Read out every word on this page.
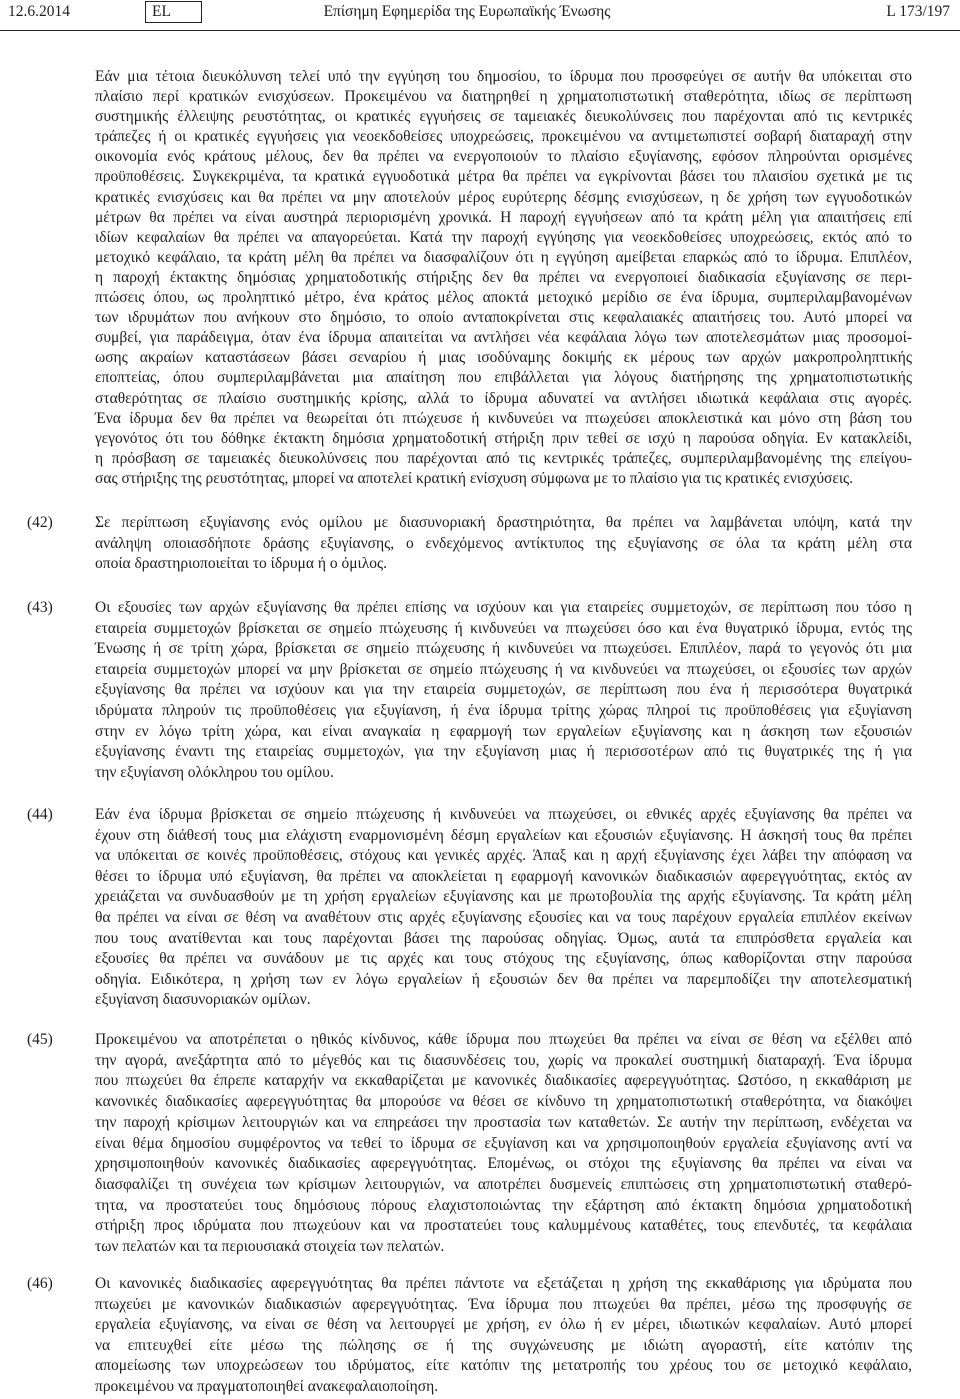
12.6.2014	EL	Επίσημη Εφημερίδα της Ευρωπαϊκής Ένωσης	L 173/197
Εάν μια τέτοια διευκόλυνση τελεί υπό την εγγύηση του δημοσίου, το ίδρυμα που προσφεύγει σε αυτήν θα υπόκειται στο
πλαίσιο περί κρατικών ενισχύσεων. Προκειμένου να διατηρηθεί η χρηματοπιστωτική σταθερότητα, ιδίως σε περίπτωση
συστημικής έλλειψης ρευστότητας, οι κρατικές εγγυήσεις σε ταμειακές διευκολύνσεις που παρέχονται από τις κεντρικές
τράπεζες ή οι κρατικές εγγυήσεις για νεοεκδοθείσες υποχρεώσεις, προκειμένου να αντιμετωπιστεί σοβαρή διαταραχή στην
οικονομία ενός κράτους μέλους, δεν θα πρέπει να ενεργοποιούν το πλαίσιο εξυγίανσης, εφόσον πληρούνται ορισμένες
προϋποθέσεις. Συγκεκριμένα, τα κρατικά εγγυοδοτικά μέτρα θα πρέπει να εγκρίνονται βάσει του πλαισίου σχετικά με τις
κρατικές ενισχύσεις και θα πρέπει να μην αποτελούν μέρος ευρύτερης δέσμης ενισχύσεων, η δε χρήση των εγγυοδοτικών
μέτρων θα πρέπει να είναι αυστηρά περιορισμένη χρονικά. Η παροχή εγγυήσεων από τα κράτη μέλη για απαιτήσεις επί
ιδίων κεφαλαίων θα πρέπει να απαγορεύεται. Κατά την παροχή εγγύησης για νεοεκδοθείσες υποχρεώσεις, εκτός από το
μετοχικό κεφάλαιο, τα κράτη μέλη θα πρέπει να διασφαλίζουν ότι η εγγύηση αμείβεται επαρκώς από το ίδρυμα. Επιπλέον,
η παροχή έκτακτης δημόσιας χρηματοδοτικής στήριξης δεν θα πρέπει να ενεργοποιεί διαδικασία εξυγίανσης σε περι-
πτώσεις όπου, ως προληπτικό μέτρο, ένα κράτος μέλος αποκτά μετοχικό μερίδιο σε ένα ίδρυμα, συμπεριλαμβανομένων
των ιδρυμάτων που ανήκουν στο δημόσιο, το οποίο ανταποκρίνεται στις κεφαλαιακές απαιτήσεις του. Αυτό μπορεί να
συμβεί, για παράδειγμα, όταν ένα ίδρυμα απαιτείται να αντλήσει νέα κεφάλαια λόγω των αποτελεσμάτων μιας προσομοί-
ωσης ακραίων καταστάσεων βάσει σεναρίου ή μιας ισοδύναμης δοκιμής εκ μέρους των αρχών μακροπροληπτικής
εποπτείας, όπου συμπεριλαμβάνεται μια απαίτηση που επιβάλλεται για λόγους διατήρησης της χρηματοπιστωτικής
σταθερότητας σε πλαίσιο συστημικής κρίσης, αλλά το ίδρυμα αδυνατεί να αντλήσει ιδιωτικά κεφάλαια στις αγορές.
Ένα ίδρυμα δεν θα πρέπει να θεωρείται ότι πτώχευσε ή κινδυνεύει να πτωχεύσει αποκλειστικά και μόνο στη βάση του
γεγονότος ότι του δόθηκε έκτακτη δημόσια χρηματοδοτική στήριξη πριν τεθεί σε ισχύ η παρούσα οδηγία. Εν κατακλείδι,
η πρόσβαση σε ταμειακές διευκολύνσεις που παρέχονται από τις κεντρικές τράπεζες, συμπεριλαμβανομένης της επείγου-
σας στήριξης της ρευστότητας, μπορεί να αποτελεί κρατική ενίσχυση σύμφωνα με το πλαίσιο για τις κρατικές ενισχύσεις.
(42)	Σε περίπτωση εξυγίανσης ενός ομίλου με διασυνοριακή δραστηριότητα, θα πρέπει να λαμβάνεται υπόψη, κατά την
ανάληψη οποιασδήποτε δράσης εξυγίανσης, ο ενδεχόμενος αντίκτυπος της εξυγίανσης σε όλα τα κράτη μέλη στα
οποία δραστηριοποιείται το ίδρυμα ή ο όμιλος.
(43)	Οι εξουσίες των αρχών εξυγίανσης θα πρέπει επίσης να ισχύουν και για εταιρείες συμμετοχών, σε περίπτωση που τόσο η
εταιρεία συμμετοχών βρίσκεται σε σημείο πτώχευσης ή κινδυνεύει να πτωχεύσει όσο και ένα θυγατρικό ίδρυμα, εντός της
Ένωσης ή σε τρίτη χώρα, βρίσκεται σε σημείο πτώχευσης ή κινδυνεύει να πτωχεύσει. Επιπλέον, παρά το γεγονός ότι μια
εταιρεία συμμετοχών μπορεί να μην βρίσκεται σε σημείο πτώχευσης ή να κινδυνεύει να πτωχεύσει, οι εξουσίες των αρχών
εξυγίανσης θα πρέπει να ισχύουν και για την εταιρεία συμμετοχών, σε περίπτωση που ένα ή περισσότερα θυγατρικά
ιδρύματα πληρούν τις προϋποθέσεις για εξυγίανση, ή ένα ίδρυμα τρίτης χώρας πληροί τις προϋποθέσεις για εξυγίανση
στην εν λόγω τρίτη χώρα, και είναι αναγκαία η εφαρμογή των εργαλείων εξυγίανσης και η άσκηση των εξουσιών
εξυγίανσης έναντι της εταιρείας συμμετοχών, για την εξυγίανση μιας ή περισσοτέρων από τις θυγατρικές της ή για
την εξυγίανση ολόκληρου του ομίλου.
(44)	Εάν ένα ίδρυμα βρίσκεται σε σημείο πτώχευσης ή κινδυνεύει να πτωχεύσει, οι εθνικές αρχές εξυγίανσης θα πρέπει να
έχουν στη διάθεσή τους μια ελάχιστη εναρμονισμένη δέσμη εργαλείων και εξουσιών εξυγίανσης. Η άσκησή τους θα πρέπει
να υπόκειται σε κοινές προϋποθέσεις, στόχους και γενικές αρχές. Άπαξ και η αρχή εξυγίανσης έχει λάβει την απόφαση να
θέσει το ίδρυμα υπό εξυγίανση, θα πρέπει να αποκλείεται η εφαρμογή κανονικών διαδικασιών αφερεγγυότητας, εκτός αν
χρειάζεται να συνδυασθούν με τη χρήση εργαλείων εξυγίανσης και με πρωτοβουλία της αρχής εξυγίανσης. Τα κράτη μέλη
θα πρέπει να είναι σε θέση να αναθέτουν στις αρχές εξυγίανσης εξουσίες και να τους παρέχουν εργαλεία επιπλέον εκείνων
που τους ανατίθενται και τους παρέχονται βάσει της παρούσας οδηγίας. Όμως, αυτά τα επιπρόσθετα εργαλεία και
εξουσίες θα πρέπει να συνάδουν με τις αρχές και τους στόχους της εξυγίανσης, όπως καθορίζονται στην παρούσα
οδηγία. Ειδικότερα, η χρήση των εν λόγω εργαλείων ή εξουσιών δεν θα πρέπει να παρεμποδίζει την αποτελεσματική
εξυγίανση διασυνοριακών ομίλων.
(45)	Προκειμένου να αποτρέπεται ο ηθικός κίνδυνος, κάθε ίδρυμα που πτωχεύει θα πρέπει να είναι σε θέση να εξέλθει από
την αγορά, ανεξάρτητα από το μέγεθός και τις διασυνδέσεις του, χωρίς να προκαλεί συστημική διαταραχή. Ένα ίδρυμα
που πτωχεύει θα έπρεπε καταρχήν να εκκαθαρίζεται με κανονικές διαδικασίες αφερεγγυότητας. Ωστόσο, η εκκαθάριση με
κανονικές διαδικασίες αφερεγγυότητας θα μπορούσε να θέσει σε κίνδυνο τη χρηματοπιστωτική σταθερότητα, να διακόψει
την παροχή κρίσιμων λειτουργιών και να επηρεάσει την προστασία των καταθετών. Σε αυτήν την περίπτωση, ενδέχεται να
είναι θέμα δημοσίου συμφέροντος να τεθεί το ίδρυμα σε εξυγίανση και να χρησιμοποιηθούν εργαλεία εξυγίανσης αντί να
χρησιμοποιηθούν κανονικές διαδικασίες αφερεγγυότητας. Επομένως, οι στόχοι της εξυγίανσης θα πρέπει να είναι να
διασφαλίζει τη συνέχεια των κρίσιμων λειτουργιών, να αποτρέπει δυσμενείς επιπτώσεις στη χρηματοπιστωτική σταθερό-
τητα, να προστατεύει τους δημόσιους πόρους ελαχιστοποιώντας την εξάρτηση από έκτακτη δημόσια χρηματοδοτική
στήριξη προς ιδρύματα που πτωχεύουν και να προστατεύει τους καλυμμένους καταθέτες, τους επενδυτές, τα κεφάλαια
των πελατών και τα περιουσιακά στοιχεία των πελατών.
(46)	Οι κανονικές διαδικασίες αφερεγγυότητας θα πρέπει πάντοτε να εξετάζεται η χρήση της εκκαθάρισης για ιδρύματα που
πτωχεύει με κανονικών διαδικασιών αφερεγγυότητας. Ένα ίδρυμα που πτωχεύει θα πρέπει, μέσω της προσφυγής σε
εργαλεία εξυγίανσης, να είναι σε θέση να λειτουργεί με χρήση, εν όλω ή εν μέρει, ιδιωτικών κεφαλαίων. Αυτό μπορεί
να επιτευχθεί είτε μέσω της πώλησης σε ή της συγχώνευσης με ιδιώτη αγοραστή, είτε κατόπιν της
απομείωσης των υποχρεώσεων του ιδρύματος, είτε κατόπιν της μετατροπής του χρέους του σε μετοχικό κεφάλαιο,
προκειμένου να πραγματοποιηθεί ανακεφαλαιοποίηση.
